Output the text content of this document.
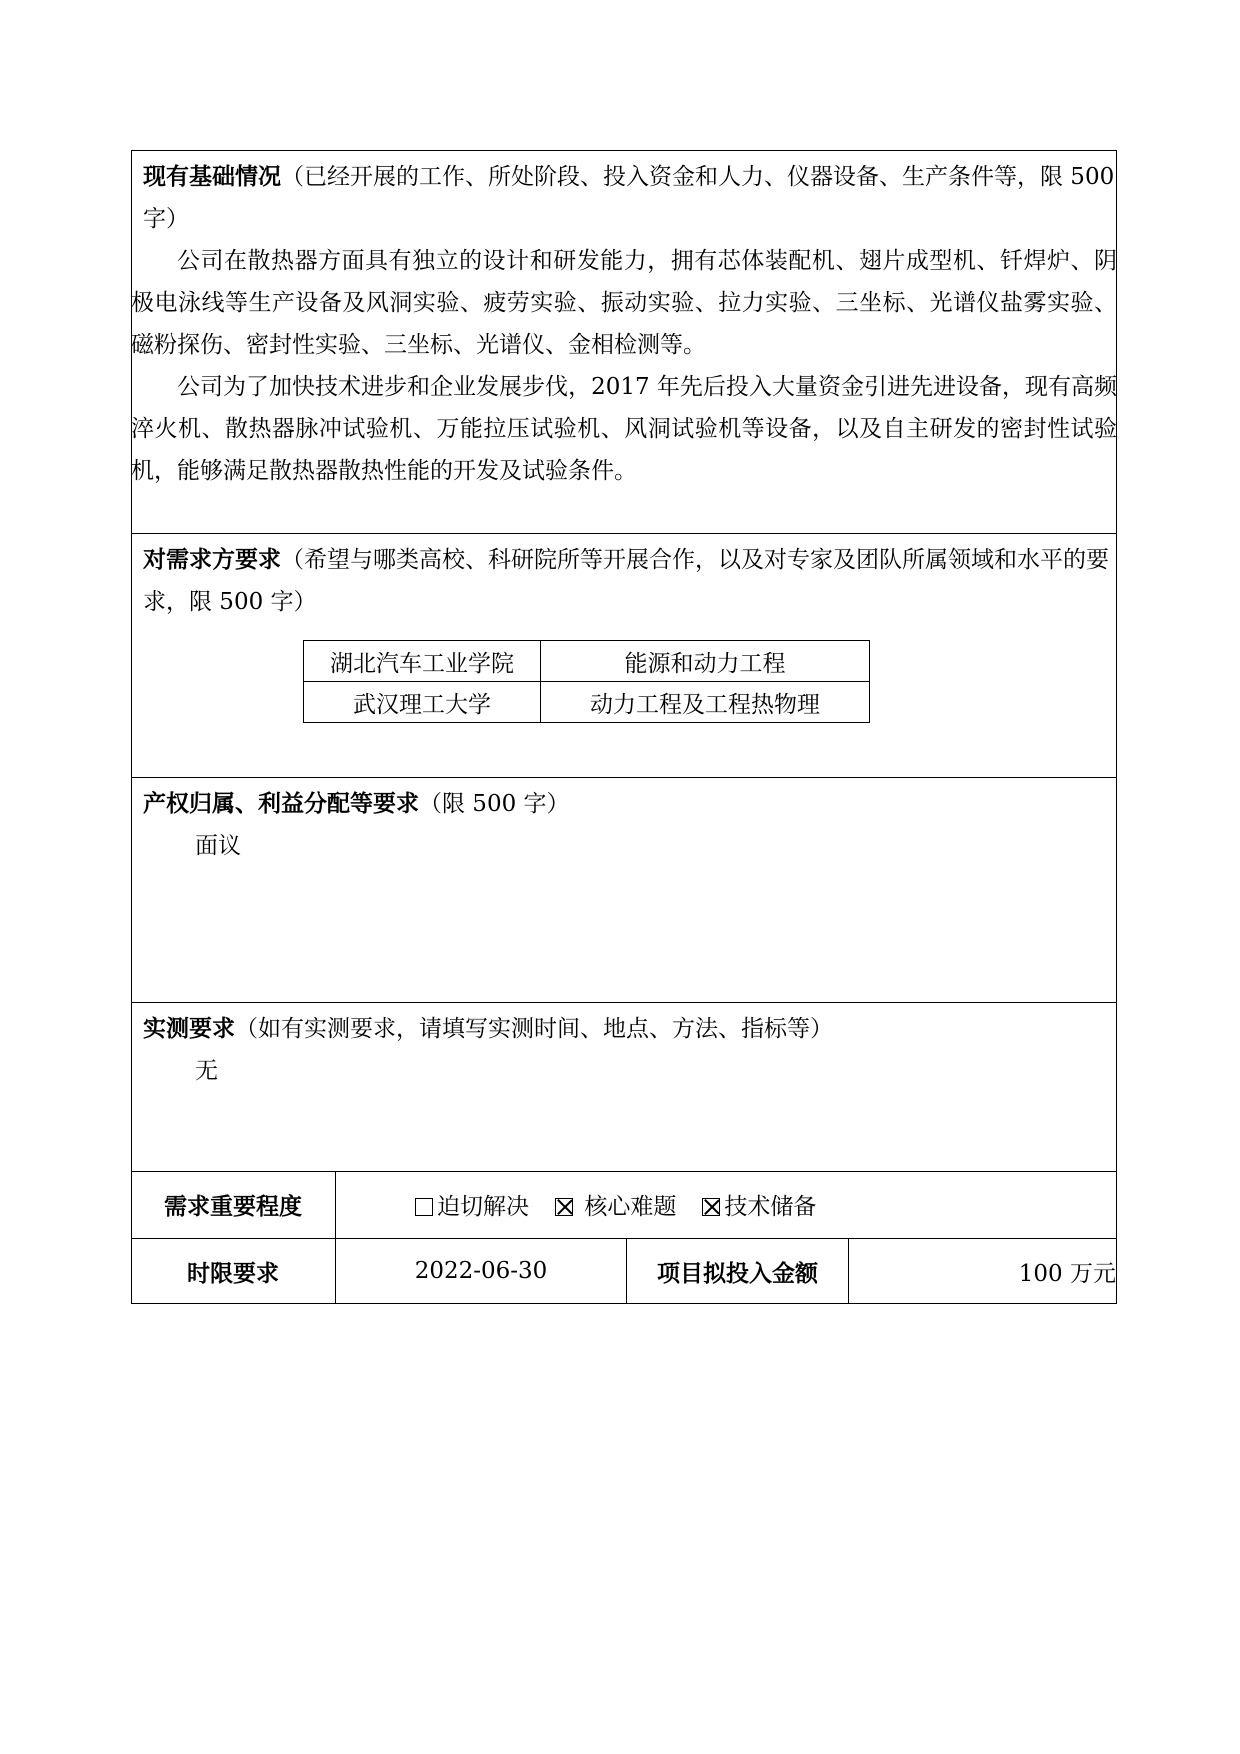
现有基础情况（已经开展的工作、所处阶段、投入资金和人力、仪器设备、生产条件等，限 500 字）

公司在散热器方面具有独立的设计和研发能力，拥有芯体装配机、翅片成型机、钎焊炉、阴极电泳线等生产设备及风洞实验、疲劳实验、振动实验、拉力实验、三坐标、光谱仪盐雾实验、磁粉探伤、密封性实验、三坐标、光谱仪、金相检测等。

公司为了加快技术进步和企业发展步伐，2017 年先后投入大量资金引进先进设备，现有高频淬火机、散热器脉冲试验机、万能拉压试验机、风洞试验机等设备，以及自主研发的密封性试验机，能够满足散热器散热性能的开发及试验条件。

对需求方要求（希望与哪类高校、科研院所等开展合作，以及对专家及团队所属领域和水平的要求，限 500 字）

湖北汽车工业学院	能源和动力工程
武汉理工大学	动力工程及工程热物理

产权归属、利益分配等要求（限 500 字）

面议

实测要求（如有实测要求，请填写实测时间、地点、方法、指标等）

无
需求重要程度	迫切解决	核心难题	技术储备
时限要求	2022-06-30	项目拟投入金额	100 万元
